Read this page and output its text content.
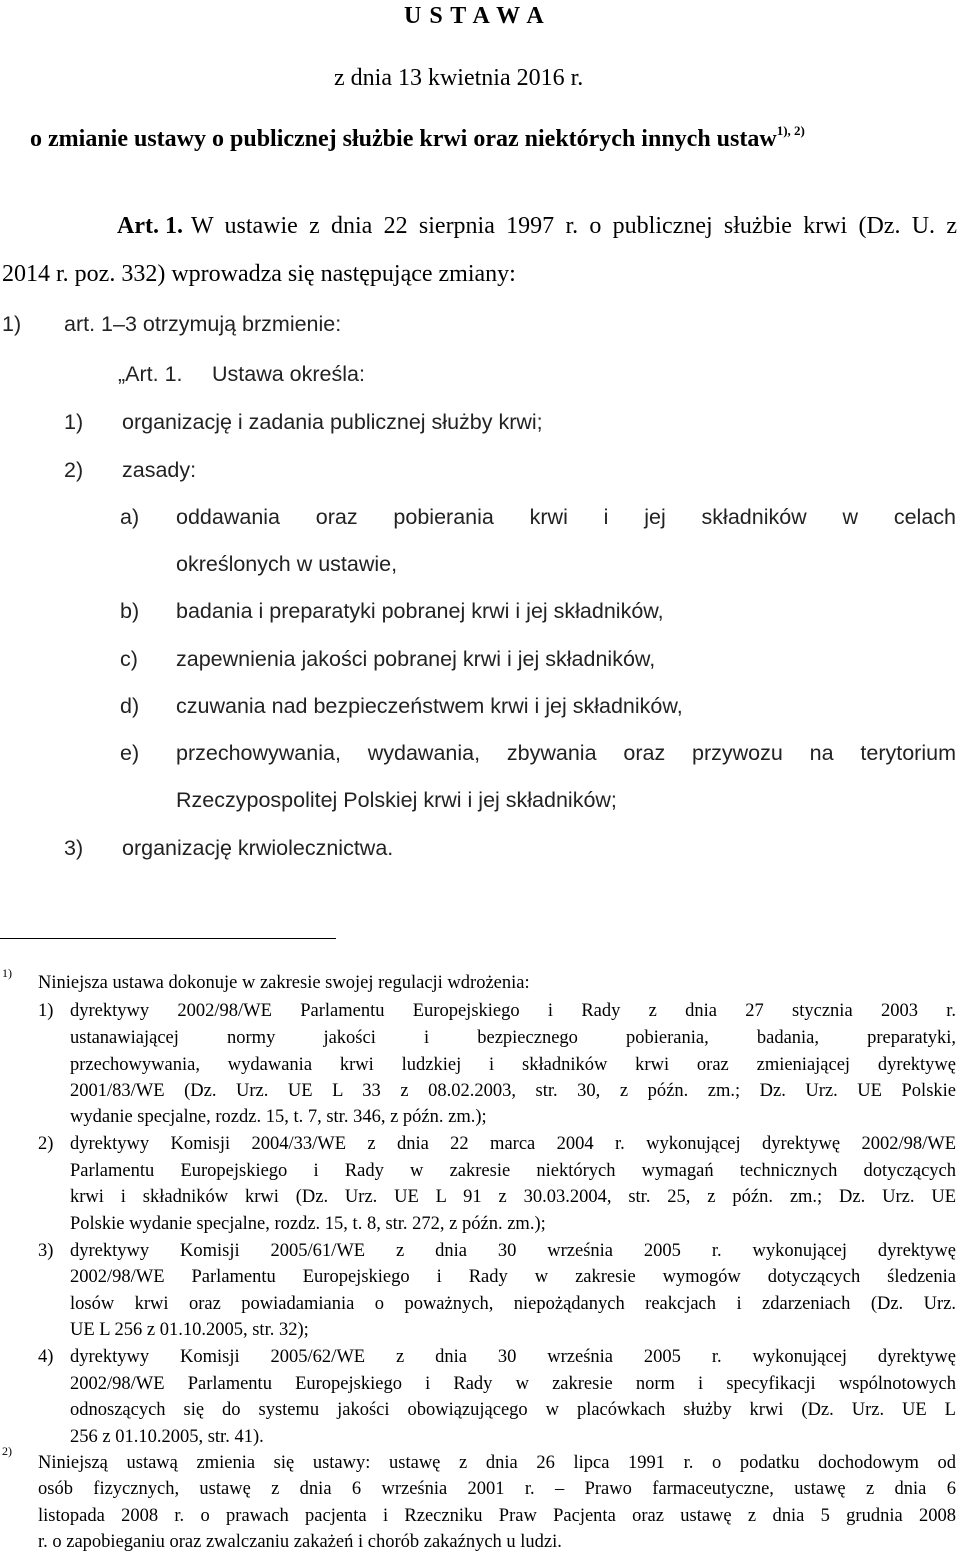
U S T A W A
z dnia 13 kwietnia 2016 r.
o zmianie ustawy o publicznej służbie krwi oraz niektórych innych ustaw$^{1), 2)}$
Art. 1. W ustawie z dnia 22 sierpnia 1997 r. o publicznej służbie krwi (Dz. U. z
2014 r. poz. 332) wprowadza się następujące zmiany:
1) art. 1–3 otrzymują brzmienie:
„Art. 1. Ustawa określa:
1) organizację i zadania publicznej służby krwi;
2) zasady:
a) oddawania oraz pobierania krwi i jej składników w celach
określonych w ustawie,
b) badania i preparatyki pobranej krwi i jej składników,
c) zapewnienia jakości pobranej krwi i jej składników,
d) czuwania nad bezpieczeństwem krwi i jej składników,
e) przechowywania, wydawania, zbywania oraz przywozu na terytorium
Rzeczypospolitej Polskiej krwi i jej składników;
3) organizację krwiolecznictwa.
1) Niniejsza ustawa dokonuje w zakresie swojej regulacji wdrożenia:
1) dyrektywy 2002/98/WE Parlamentu Europejskiego i Rady z dnia 27 stycznia 2003 r.
ustanawiającej normy jakości i bezpiecznego pobierania, badania, preparatyki,
przechowywania, wydawania krwi ludzkiej i składników krwi oraz zmieniającej dyrektywę
2001/83/WE (Dz. Urz. UE L 33 z 08.02.2003, str. 30, z późn. zm.; Dz. Urz. UE Polskie
wydanie specjalne, rozdz. 15, t. 7, str. 346, z późn. zm.);
2) dyrektywy Komisji 2004/33/WE z dnia 22 marca 2004 r. wykonującej dyrektywę 2002/98/WE
Parlamentu Europejskiego i Rady w zakresie niektórych wymagań technicznych dotyczących
krwi i składników krwi (Dz. Urz. UE L 91 z 30.03.2004, str. 25, z późn. zm.; Dz. Urz. UE
Polskie wydanie specjalne, rozdz. 15, t. 8, str. 272, z późn. zm.);
3) dyrektywy Komisji 2005/61/WE z dnia 30 września 2005 r. wykonującej dyrektywę
2002/98/WE Parlamentu Europejskiego i Rady w zakresie wymogów dotyczących śledzenia
losów krwi oraz powiadamiania o poważnych, niepożądanych reakcjach i zdarzeniach (Dz. Urz.
UE L 256 z 01.10.2005, str. 32);
4) dyrektywy Komisji 2005/62/WE z dnia 30 września 2005 r. wykonującej dyrektywę
2002/98/WE Parlamentu Europejskiego i Rady w zakresie norm i specyfikacji wspólnotowych
odnoszących się do systemu jakości obowiązującego w placówkach służby krwi (Dz. Urz. UE L
256 z 01.10.2005, str. 41).
2)
Niniejszą ustawą zmienia się ustawy: ustawę z dnia 26 lipca 1991 r. o podatku dochodowym od
osób fizycznych, ustawę z dnia 6 września 2001 r. – Prawo farmaceutyczne, ustawę z dnia 6
listopada 2008 r. o prawach pacjenta i Rzeczniku Praw Pacjenta oraz ustawę z dnia 5 grudnia 2008
r. o zapobieganiu oraz zwalczaniu zakażeń i chorób zakaźnych u ludzi.
